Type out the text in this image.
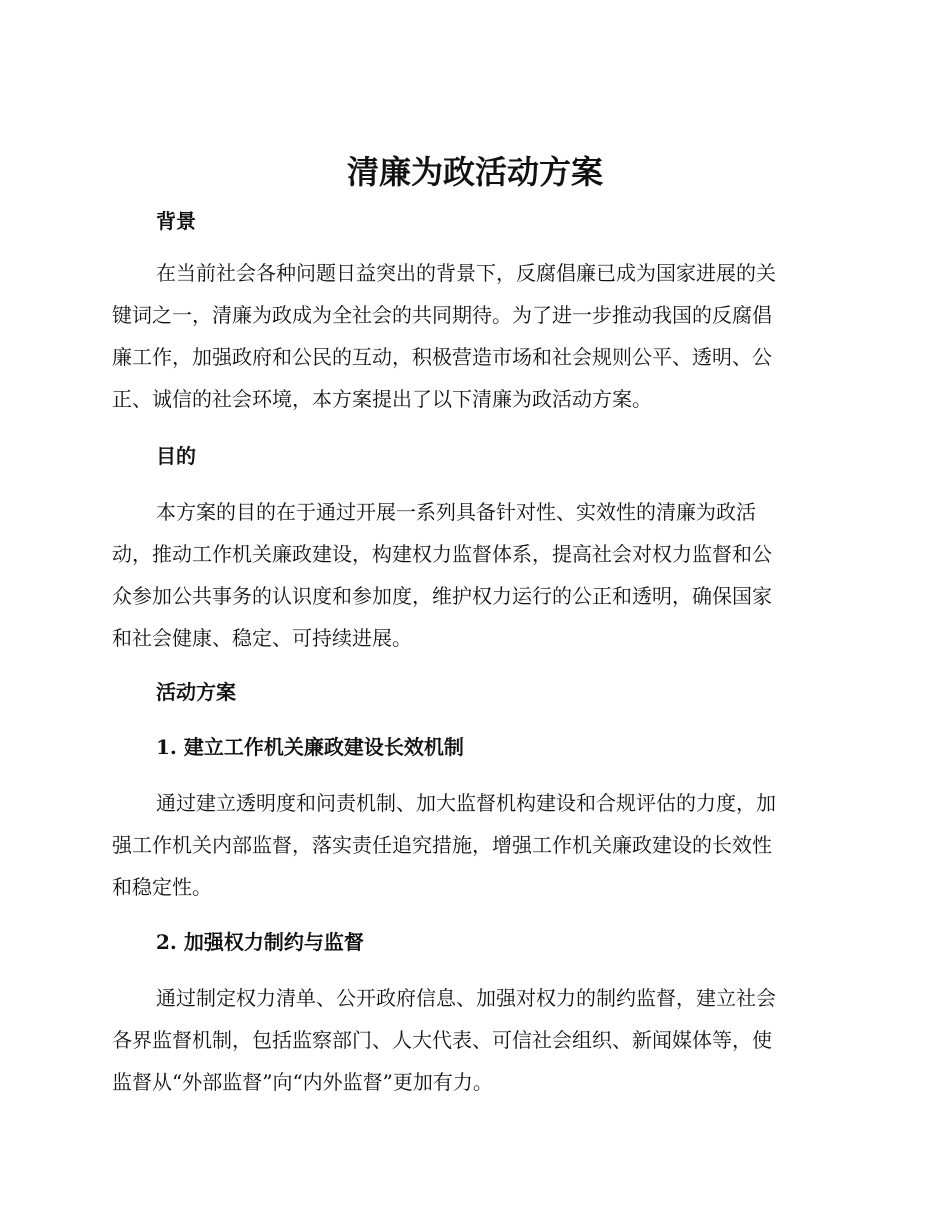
清廉为政活动方案
背景

在当前社会各种问题日益突出的背景下，反腐倡廉已成为国家进展的关
键词之一，清廉为政成为全社会的共同期待。为了进一步推动我国的反腐倡
廉工作，加强政府和公民的互动，积极营造市场和社会规则公平、透明、公
正、诚信的社会环境，本方案提出了以下清廉为政活动方案。

目的

本方案的目的在于通过开展一系列具备针对性、实效性的清廉为政活
动，推动工作机关廉政建设，构建权力监督体系，提高社会对权力监督和公
众参加公共事务的认识度和参加度，维护权力运行的公正和透明，确保国家
和社会健康、稳定、可持续进展。

活动方案
1. 建立工作机关廉政建设长效机制

通过建立透明度和问责机制、加大监督机构建设和合规评估的力度，加
强工作机关内部监督，落实责任追究措施，增强工作机关廉政建设的长效性
和稳定性。

2. 加强权力制约与监督

通过制定权力清单、公开政府信息、加强对权力的制约监督，建立社会
各界监督机制，包括监察部门、人大代表、可信社会组织、新闻媒体等，使
监督从“外部监督”向“内外监督”更加有力。
